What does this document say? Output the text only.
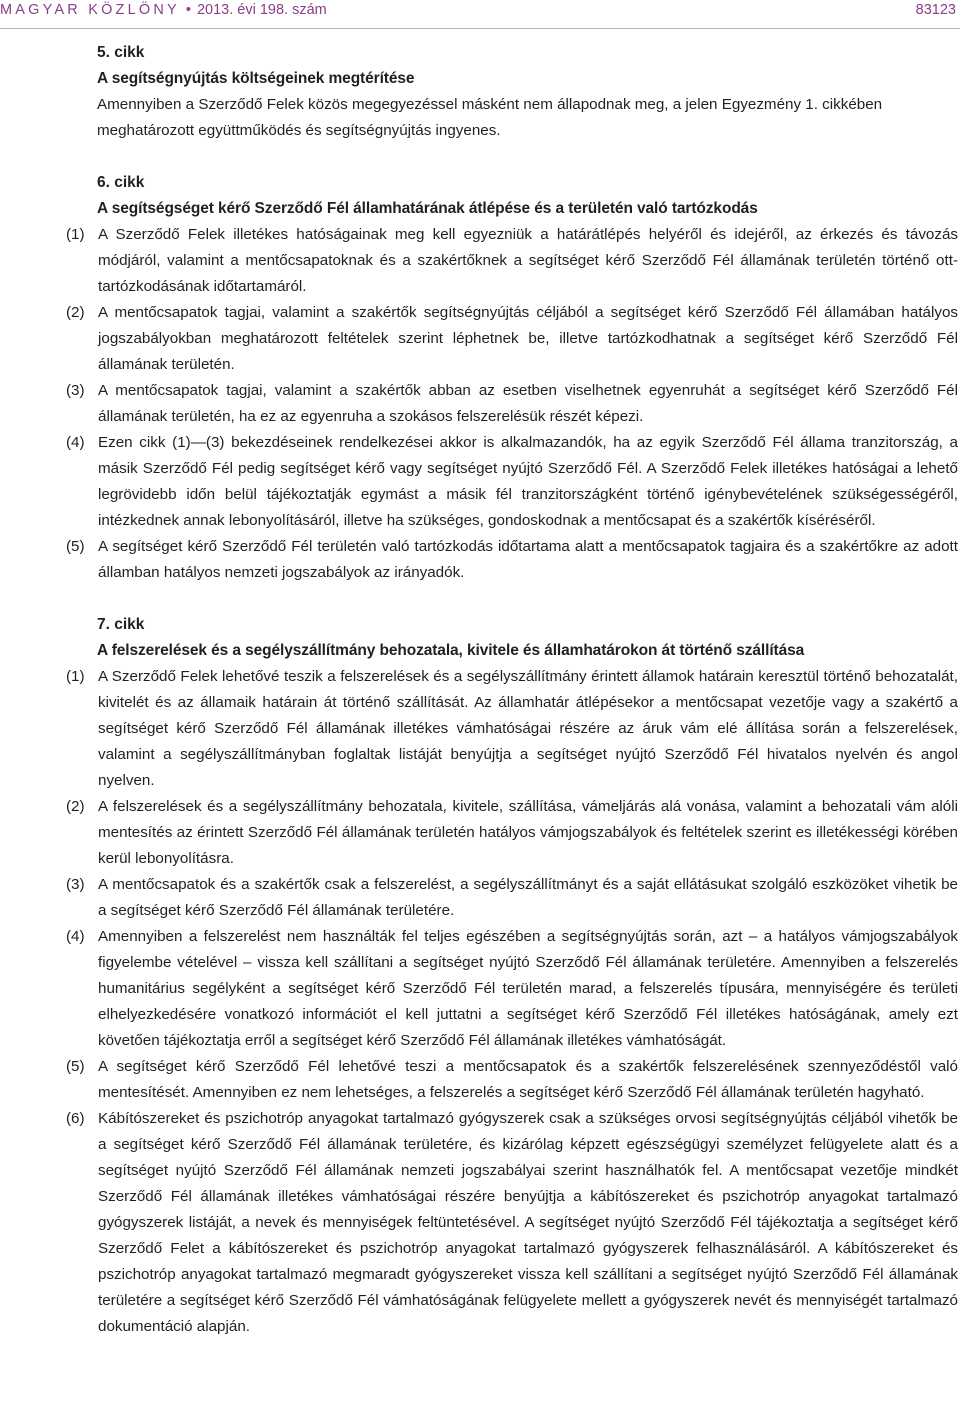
MAGYAR KÖZLÖNY • 2013. évi 198. szám	83123
5. cikk
A segítségnyújtás költségeinek megtérítése
Amennyiben a Szerződő Felek közös megegyezéssel másként nem állapodnak meg, a jelen Egyezmény 1. cikkében meghatározott együttműködés és segítségnyújtás ingyenes.
6. cikk
A segítségséget kérő Szerződő Fél államhatárának átlépése és a területén való tartózkodás
(1) A Szerződő Felek illetékes hatóságainak meg kell egyezniük a határátlépés helyéről és idejéről, az érkezés és távozás módjáról, valamint a mentőcsapatoknak és a szakértőknek a segítséget kérő Szerződő Fél államának területén történő ott-tartózkodásának időtartamáról.
(2) A mentőcsapatok tagjai, valamint a szakértők segítségnyújtás céljából a segítséget kérő Szerződő Fél államában hatályos jogszabályokban meghatározott feltételek szerint léphetnek be, illetve tartózkodhatnak a segítséget kérő Szerződő Fél államának területén.
(3) A mentőcsapatok tagjai, valamint a szakértők abban az esetben viselhetnek egyenruhát a segítséget kérő Szerződő Fél államának területén, ha ez az egyenruha a szokásos felszerelésük részét képezi.
(4) Ezen cikk (1)—(3) bekezdéseinek rendelkezései akkor is alkalmazandók, ha az egyik Szerződő Fél állama tranzitország, a másik Szerződő Fél pedig segítséget kérő vagy segítséget nyújtó Szerződő Fél. A Szerződő Felek illetékes hatóságai a lehető legrövidebb időn belül tájékoztatják egymást a másik fél tranzitországként történő igénybevételének szükségességéről, intézkednek annak lebonyolításáról, illetve ha szükséges, gondoskodnak a mentőcsapat és a szakértők kíséréséről.
(5) A segítséget kérő Szerződő Fél területén való tartózkodás időtartama alatt a mentőcsapatok tagjaira és a szakértőkre az adott államban hatályos nemzeti jogszabályok az irányadók.
7. cikk
A felszerelések és a segélyszállítmány behozatala, kivitele és államhatárokon át történő szállítása
(1) A Szerződő Felek lehetővé teszik a felszerelések és a segélyszállítmány érintett államok határain keresztül történő behozatalát, kivitelét és az államaik határain át történő szállítását. Az államhatár átlépésekor a mentőcsapat vezetője vagy a szakértő a segítséget kérő Szerződő Fél államának illetékes vámhatóságai részére az áruk vám elé állítása során a felszerelések, valamint a segélyszállítmányban foglaltak listáját benyújtja a segítséget nyújtó Szerződő Fél hivatalos nyelvén és angol nyelven.
(2) A felszerelések és a segélyszállítmány behozatala, kivitele, szállítása, vámeljárás alá vonása, valamint a behozatali vám alóli mentesítés az érintett Szerződő Fél államának területén hatályos vámjogszabályok és feltételek szerint es illetékességi körében kerül lebonyolításra.
(3) A mentőcsapatok és a szakértők csak a felszerelést, a segélyszállítmányt és a saját ellátásukat szolgáló eszközöket vihetik be a segítséget kérő Szerződő Fél államának területére.
(4) Amennyiben a felszerelést nem használták fel teljes egészében a segítségnyújtás során, azt – a hatályos vámjogszabályok figyelembe vételével – vissza kell szállítani a segítséget nyújtó Szerződő Fél államának területére. Amennyiben a felszerelés humanitárius segélyként a segítséget kérő Szerződő Fél területén marad, a felszerelés típusára, mennyiségére és területi elhelyezkedésére vonatkozó információt el kell juttatni a segítséget kérő Szerződő Fél illetékes hatóságának, amely ezt követően tájékoztatja erről a segítséget kérő Szerződő Fél államának illetékes vámhatóságát.
(5) A segítséget kérő Szerződő Fél lehetővé teszi a mentőcsapatok és a szakértők felszerelésének szennyeződéstől való mentesítését. Amennyiben ez nem lehetséges, a felszerelés a segítséget kérő Szerződő Fél államának területén hagyható.
(6) Kábítószereket és pszichotróp anyagokat tartalmazó gyógyszerek csak a szükséges orvosi segítségnyújtás céljából vihetők be a segítséget kérő Szerződő Fél államának területére, és kizárólag képzett egészségügyi személyzet felügyelete alatt és a segítséget nyújtó Szerződő Fél államának nemzeti jogszabályai szerint használhatók fel. A mentőcsapat vezetője mindkét Szerződő Fél államának illetékes vámhatóságai részére benyújtja a kábítószereket és pszichotróp anyagokat tartalmazó gyógyszerek listáját, a nevek és mennyiségek feltüntetésével. A segítséget nyújtó Szerződő Fél tájékoztatja a segítséget kérő Szerződő Felet a kábítószereket és pszichotróp anyagokat tartalmazó gyógyszerek felhasználásáról. A kábítószereket és pszichotróp anyagokat tartalmazó megmaradt gyógyszereket vissza kell szállítani a segítséget nyújtó Szerződő Fél államának területére a segítséget kérő Szerződő Fél vámhatóságának felügyelete mellett a gyógyszerek nevét és mennyiségét tartalmazó dokumentáció alapján.
